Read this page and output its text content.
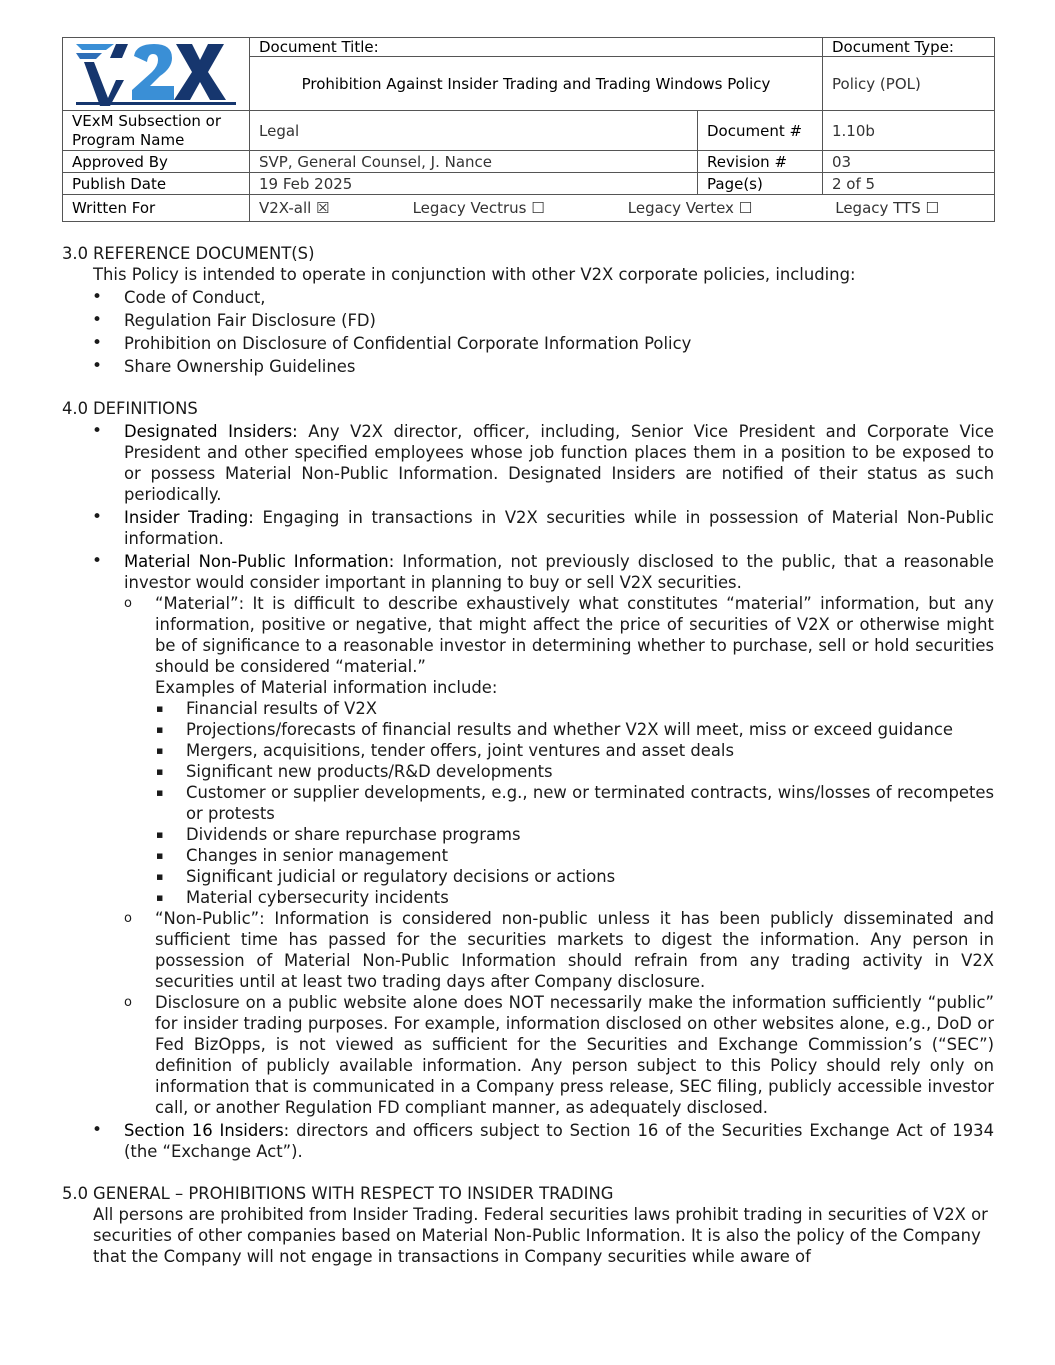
	Document Title:		Document Type:
	Prohibition Against Insider Trading and Trading Windows Policy		Policy (POL)
VExM Subsection or Program Name	Legal	Document #	1.10b
Approved By	SVP, General Counsel, J. Nance	Revision #	03
Publish Date	19 Feb 2025	Page(s)	2 of 5
Written For	V2X-all ☒ Legacy Vectrus ☐ Legacy Vertex ☐ Legacy TTS ☐		
3.0 REFERENCE DOCUMENT(S)
This Policy is intended to operate in conjunction with other V2X corporate policies, including:
• Code of Conduct,
• Regulation Fair Disclosure (FD)
• Prohibition on Disclosure of Confidential Corporate Information Policy
• Share Ownership Guidelines
4.0 DEFINITIONS
• Designated Insiders: Any V2X director, officer, including, Senior Vice President and Corporate Vice President and other specified employees whose job function places them in a position to be exposed to or possess Material Non-Public Information. Designated Insiders are notified of their status as such periodically.
• Insider Trading: Engaging in transactions in V2X securities while in possession of Material Non-Public information.
• Material Non-Public Information: Information, not previously disclosed to the public, that a reasonable investor would consider important in planning to buy or sell V2X securities.
o “Material”: It is difficult to describe exhaustively what constitutes “material” information, but any information, positive or negative, that might affect the price of securities of V2X or otherwise might be of significance to a reasonable investor in determining whether to purchase, sell or hold securities should be considered “material.”
Examples of Material information include:
▪ Financial results of V2X
▪ Projections/forecasts of financial results and whether V2X will meet, miss or exceed guidance
▪ Mergers, acquisitions, tender offers, joint ventures and asset deals
▪ Significant new products/R&D developments
▪ Customer or supplier developments, e.g., new or terminated contracts, wins/losses of recompetes or protests
▪ Dividends or share repurchase programs
▪ Changes in senior management
▪ Significant judicial or regulatory decisions or actions
▪ Material cybersecurity incidents
o “Non-Public”: Information is considered non-public unless it has been publicly disseminated and sufficient time has passed for the securities markets to digest the information. Any person in possession of Material Non-Public Information should refrain from any trading activity in V2X securities until at least two trading days after Company disclosure.
o Disclosure on a public website alone does NOT necessarily make the information sufficiently “public” for insider trading purposes. For example, information disclosed on other websites alone, e.g., DoD or Fed BizOpps, is not viewed as sufficient for the Securities and Exchange Commission’s (“SEC”) definition of publicly available information. Any person subject to this Policy should rely only on information that is communicated in a Company press release, SEC filing, publicly accessible investor call, or another Regulation FD compliant manner, as adequately disclosed.
• Section 16 Insiders: directors and officers subject to Section 16 of the Securities Exchange Act of 1934 (the “Exchange Act”).
5.0 GENERAL – PROHIBITIONS WITH RESPECT TO INSIDER TRADING
All persons are prohibited from Insider Trading. Federal securities laws prohibit trading in securities of V2X or securities of other companies based on Material Non-Public Information. It is also the policy of the Company that the Company will not engage in transactions in Company securities while aware of
